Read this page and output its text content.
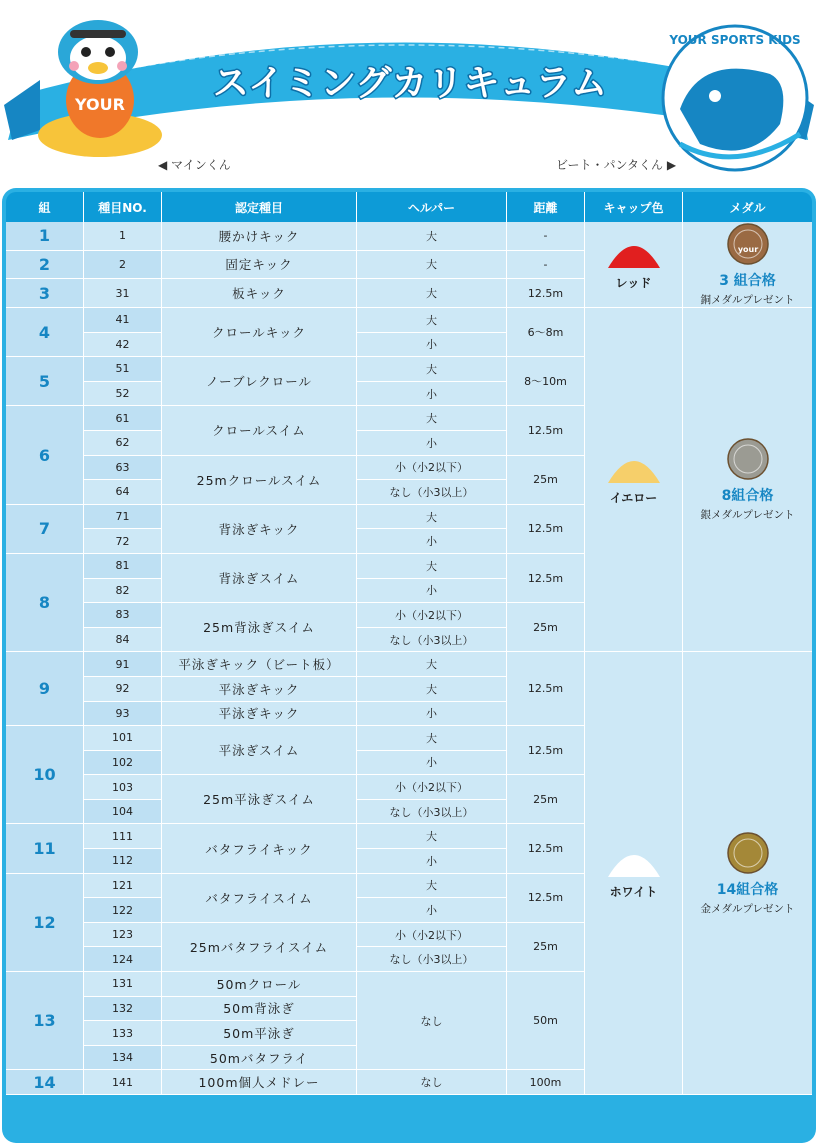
スイミングカリキュラム
YOUR
◀ マインくん
YOUR SPORTS KIDS
ビート・パンタくん ▶
組	種目NO.	認定種目	ヘルパー	距離	キャップ色	メダル
1	1	腰かけキック	大	-	レッド	your
3 組合格
銅メダルプレゼント

2	2	固定キック	大	-		
3	31	板キック	大	12.5m		
4	41	クロールキック	大	6～8m	イエロー	8組合格
銀メダルプレゼント

	42		小			
5	51	ノーブレクロール	大	8～10m		
	52		小			
6	61	クロールスイム	大	12.5m		
	62		小			
	63	25mクロールスイム	小（小2以下）	25m		
	64		なし（小3以上）			
7	71	背泳ぎキック	大	12.5m		
	72		小			
8	81	背泳ぎスイム	大	12.5m		
	82		小			
	83	25m背泳ぎスイム	小（小2以下）	25m		
	84		なし（小3以上）			
9	91	平泳ぎキック（ビート板）	大	12.5m	ホワイト	14組合格
金メダルプレゼント

	92	平泳ぎキック	大			
	93	平泳ぎキック	小			
10	101	平泳ぎスイム	大	12.5m		
	102		小			
	103	25m平泳ぎスイム	小（小2以下）	25m		
	104		なし（小3以上）			
11	111	バタフライキック	大	12.5m		
	112		小			
12	121	バタフライスイム	大	12.5m		
	122		小			
	123	25mバタフライスイム	小（小2以下）	25m		
	124		なし（小3以上）			
13	131	50mクロール	なし	50m		
	132	50m背泳ぎ				
	133	50m平泳ぎ				
	134	50mバタフライ				
14	141	100m個人メドレー	なし	100m		
